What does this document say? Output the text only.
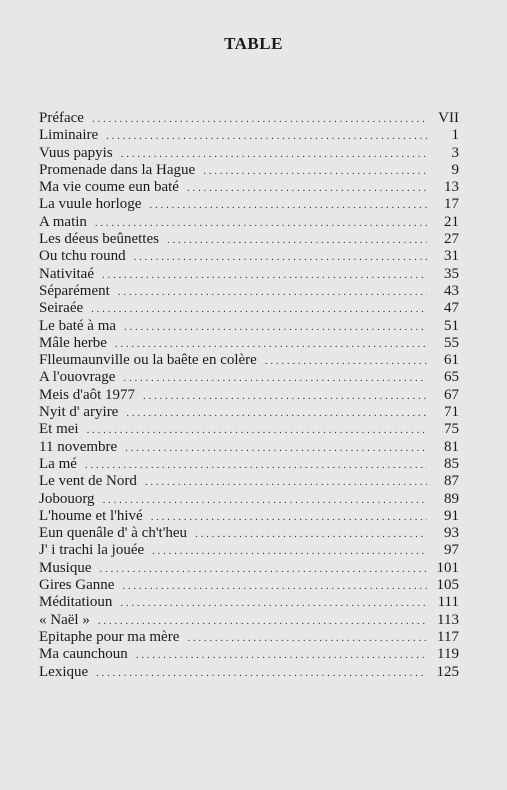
TABLE
Préface . . .	VII
Liminaire . . .	1
Vuus papyis . . .	3
Promenade dans la Hague . . .	9
Ma vie coume eun baté . . .	13
La vuule horloge . . .	17
A matin . . .	21
Les déeus beûnettes . . .	27
Ou tchu round . . .	31
Nativitaé . . .	35
Séparément . . .	43
Seiraée . . .	47
Le baté à ma . . .	51
Mâle herbe . . .	55
Flleumaunville ou la baête en colère . . .	61
A l'ouovrage . . .	65
Meis d'aôt 1977 . . .	67
Nyit d' aryire . . .	71
Et mei . . .	75
11 novembre . . .	81
La mé . . .	85
Le vent de Nord . . .	87
Jobouorg . . .	89
L'houme et l'hivé . . .	91
Eun quenâle d' à ch't'heu . . .	93
J' i trachi la jouée . . .	97
Musique . . .	101
Gires Ganne . . .	105
Méditatioun . . .	111
« Naël » . . .	113
Epitaphe pour ma mère . . .	117
Ma caunchoun . . .	119
Lexique . . .	125
